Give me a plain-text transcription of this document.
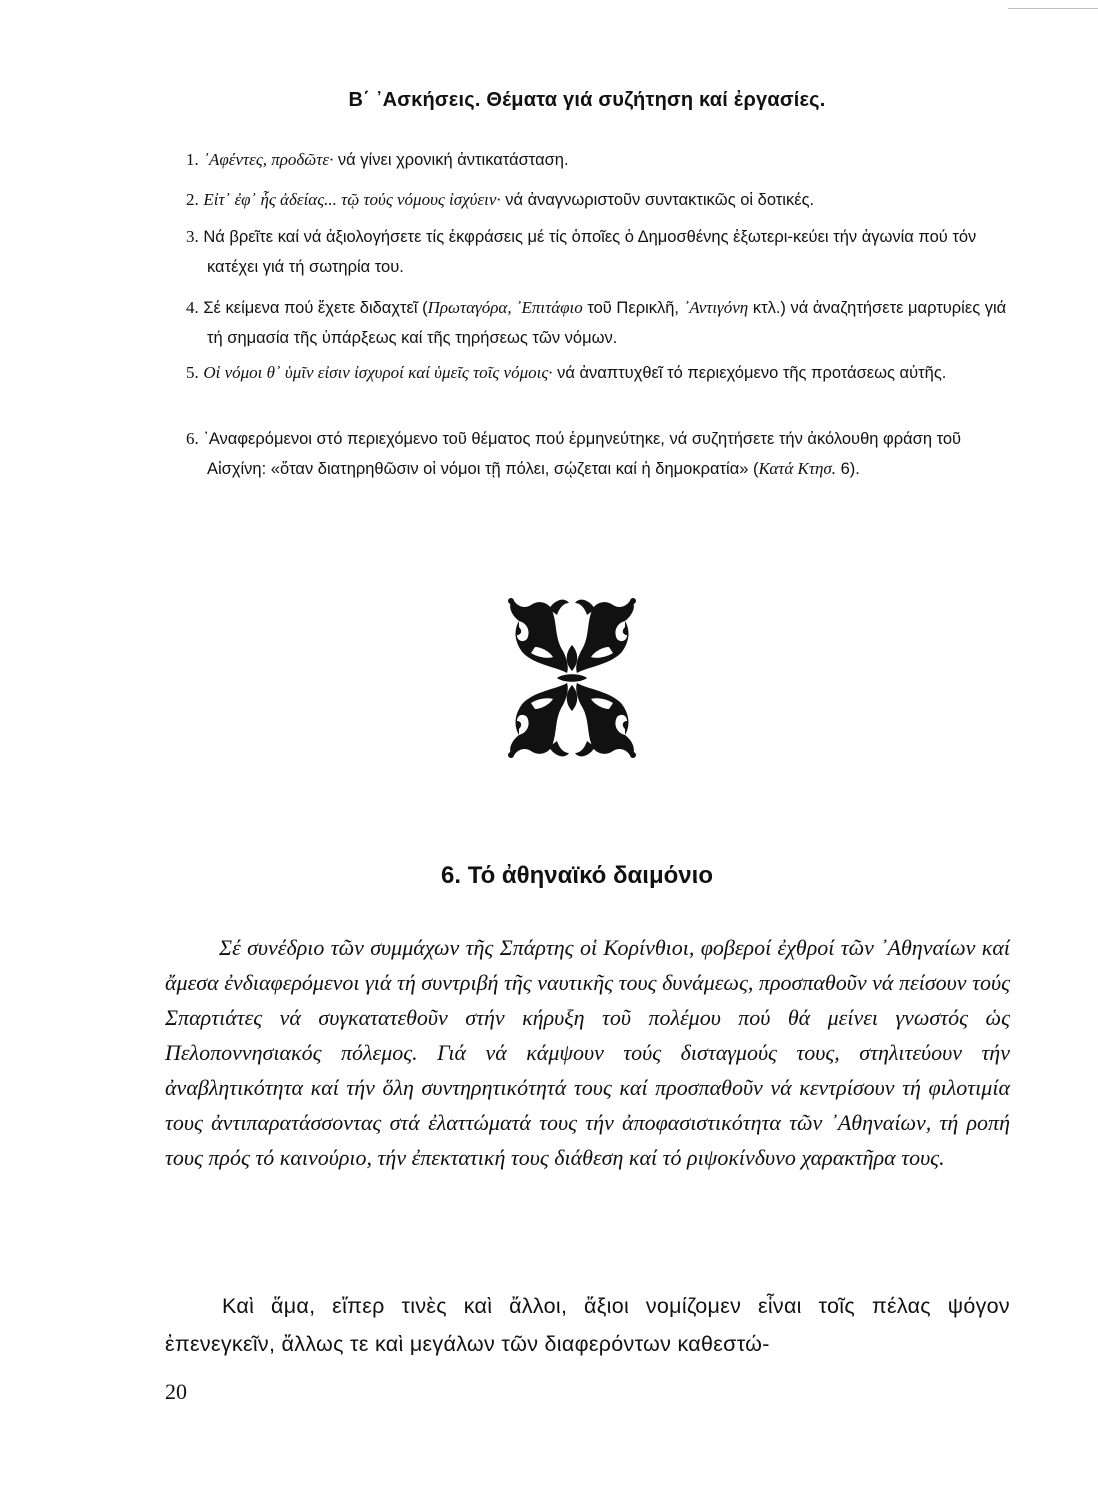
Β΄ ᾿Ασκήσεις. Θέματα γιά συζήτηση καί ἐργασίες.
1. ᾿Αφέντες, προδῶτε· νά γίνει χρονική ἀντικατάσταση.
2. Εἰτ᾿ ἐφ᾿ ἧς ἀδείας... τῷ τούς νόμους ἰσχύειν· νά ἀναγνωριστοῦν συντακτικῶς οἱ δοτικές.
3. Νά βρεῖτε καί νά ἀξιολογήσετε τίς ἐκφράσεις μέ τίς ὁποῖες ὁ Δημοσθένης ἐξωτερι-κεύει τήν ἀγωνία πού τόν κατέχει γιά τή σωτηρία του.
4. Σέ κείμενα πού ἔχετε διδαχτεῖ (Πρωταγόρα, ᾿Επιτάφιο τοῦ Περικλῆ, ᾿Αντιγόνη κτλ.) νά ἀναζητήσετε μαρτυρίες γιά τή σημασία τῆς ὑπάρξεως καί τῆς τηρήσεως τῶν νόμων.
5. Οἱ νόμοι θ᾿ ὑμῖν εἰσιν ἰσχυροί καί ὑμεῖς τοῖς νόμοις· νά ἀναπτυχθεῖ τό περιεχόμενο τῆς προτάσεως αὐτῆς.
6. ᾿Αναφερόμενοι στό περιεχόμενο τοῦ θέματος πού ἑρμηνεύτηκε, νά συζητήσετε τήν ἀκόλουθη φράση τοῦ Αἰσχίνη: «ὅταν διατηρηθῶσιν οἱ νόμοι τῇ πόλει, σῴζεται καί ἡ δημοκρατία» (Κατά Κτησ. 6).
6. Τό ἀθηναϊκό δαιμόνιο

Σέ συνέδριο τῶν συμμάχων τῆς Σπάρτης οἱ Κορίνθιοι, φοβεροί ἐχθροί τῶν ᾿Αθηναίων καί ἄμεσα ἐνδιαφερόμενοι γιά τή συντριβή τῆς ναυτικῆς τους δυνάμεως, προσπαθοῦν νά πείσουν τούς Σπαρτιάτες νά συγκατατεθοῦν στήν κήρυξη τοῦ πολέμου πού θά μείνει γνωστός ὡς Πελοποννησιακός πόλεμος. Γιά νά κάμψουν τούς δισταγμούς τους, στηλιτεύουν τήν ἀναβλητικότητα καί τήν ὅλη συντηρητικότητά τους καί προσπαθοῦν νά κεντρίσουν τή φιλοτιμία τους ἀντιπαρατάσσοντας στά ἐλαττώματά τους τήν ἀποφασιστικότητα τῶν ᾿Αθηναίων, τή ροπή τους πρός τό καινούριο, τήν ἐπεκτατική τους διάθεση καί τό ριψοκίνδυνο χαρακτῆρα τους.

Καὶ ἅμα, εἴπερ τινὲς καὶ ἄλλοι, ἄξιοι νομίζομεν εἶναι τοῖς πέλας ψόγον ἐπενεγκεῖν, ἄλλως τε καὶ μεγάλων τῶν διαφερόντων καθεστώ-

20
